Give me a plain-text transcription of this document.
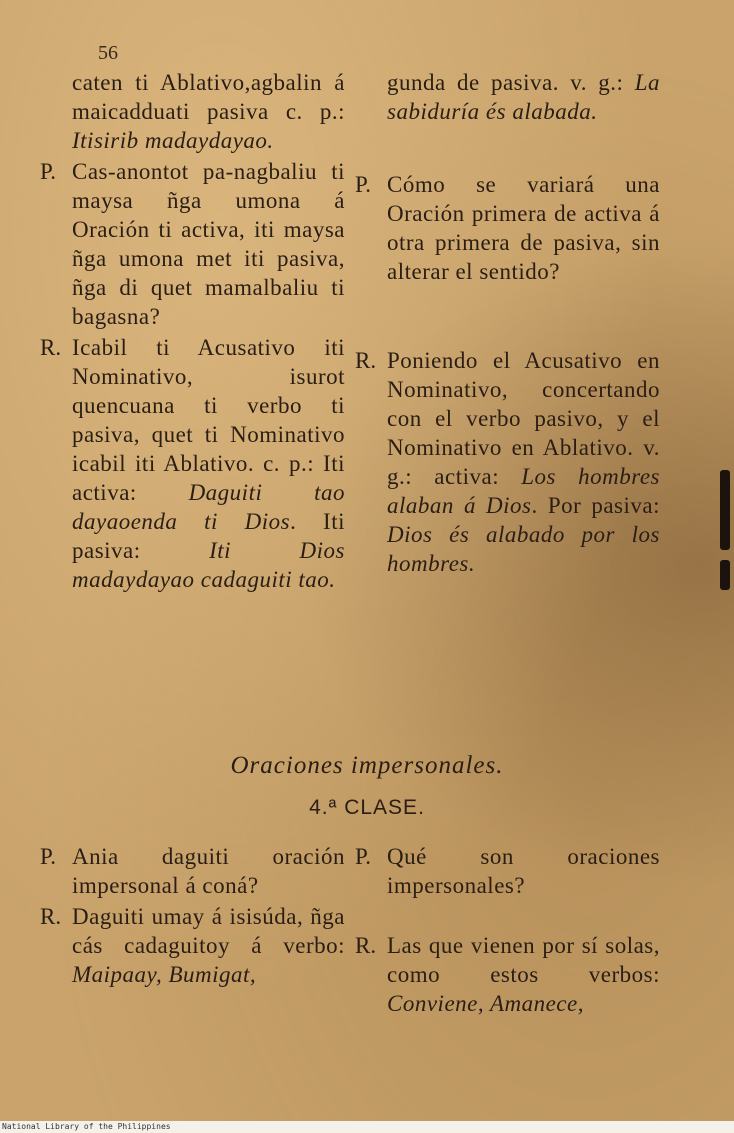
56
caten ti Ablativo,agbalin á maicadduati pasiva c. p.: Itisirib madaydayao.
P. Cas-anontot pa-nagbaliu ti maysa ñga umona á Oración ti activa, iti maysa ñga umona met iti pasiva, ñga di quet mamalbaliu ti bagasna?
R. Icabil ti Acusativo iti Nominativo, isurot quencuana ti verbo ti pasiva, quet ti Nominativo icabil iti Ablativo. c. p.: Iti activa: Daguiti tao dayaoenda ti Dios. Iti pasiva: Iti Dios madaydayao cadaguiti tao.
gunda de pasiva. v. g.: La sabiduría és alabada.
P. Cómo se variará una Oración primera de activa á otra primera de pasiva, sin alterar el sentido?
R. Poniendo el Acusativo en Nominativo, concertando con el verbo pasivo, y el Nominativo en Ablativo. v. g.: activa: Los hombres alaban á Dios. Por pasiva: Dios és alabado por los hombres.
Oraciones impersonales.
4.ª CLASE.
P. Ania daguiti oración impersonal á coná?
R. Daguiti umay á isisúda, ñga cás cadaguitoy á verbo: Maipaay, Bumigat,
P. Qué son oraciones impersonales?
R. Las que vienen por sí solas, como estos verbos: Conviene, Amanece,
National Library of the Philippines
